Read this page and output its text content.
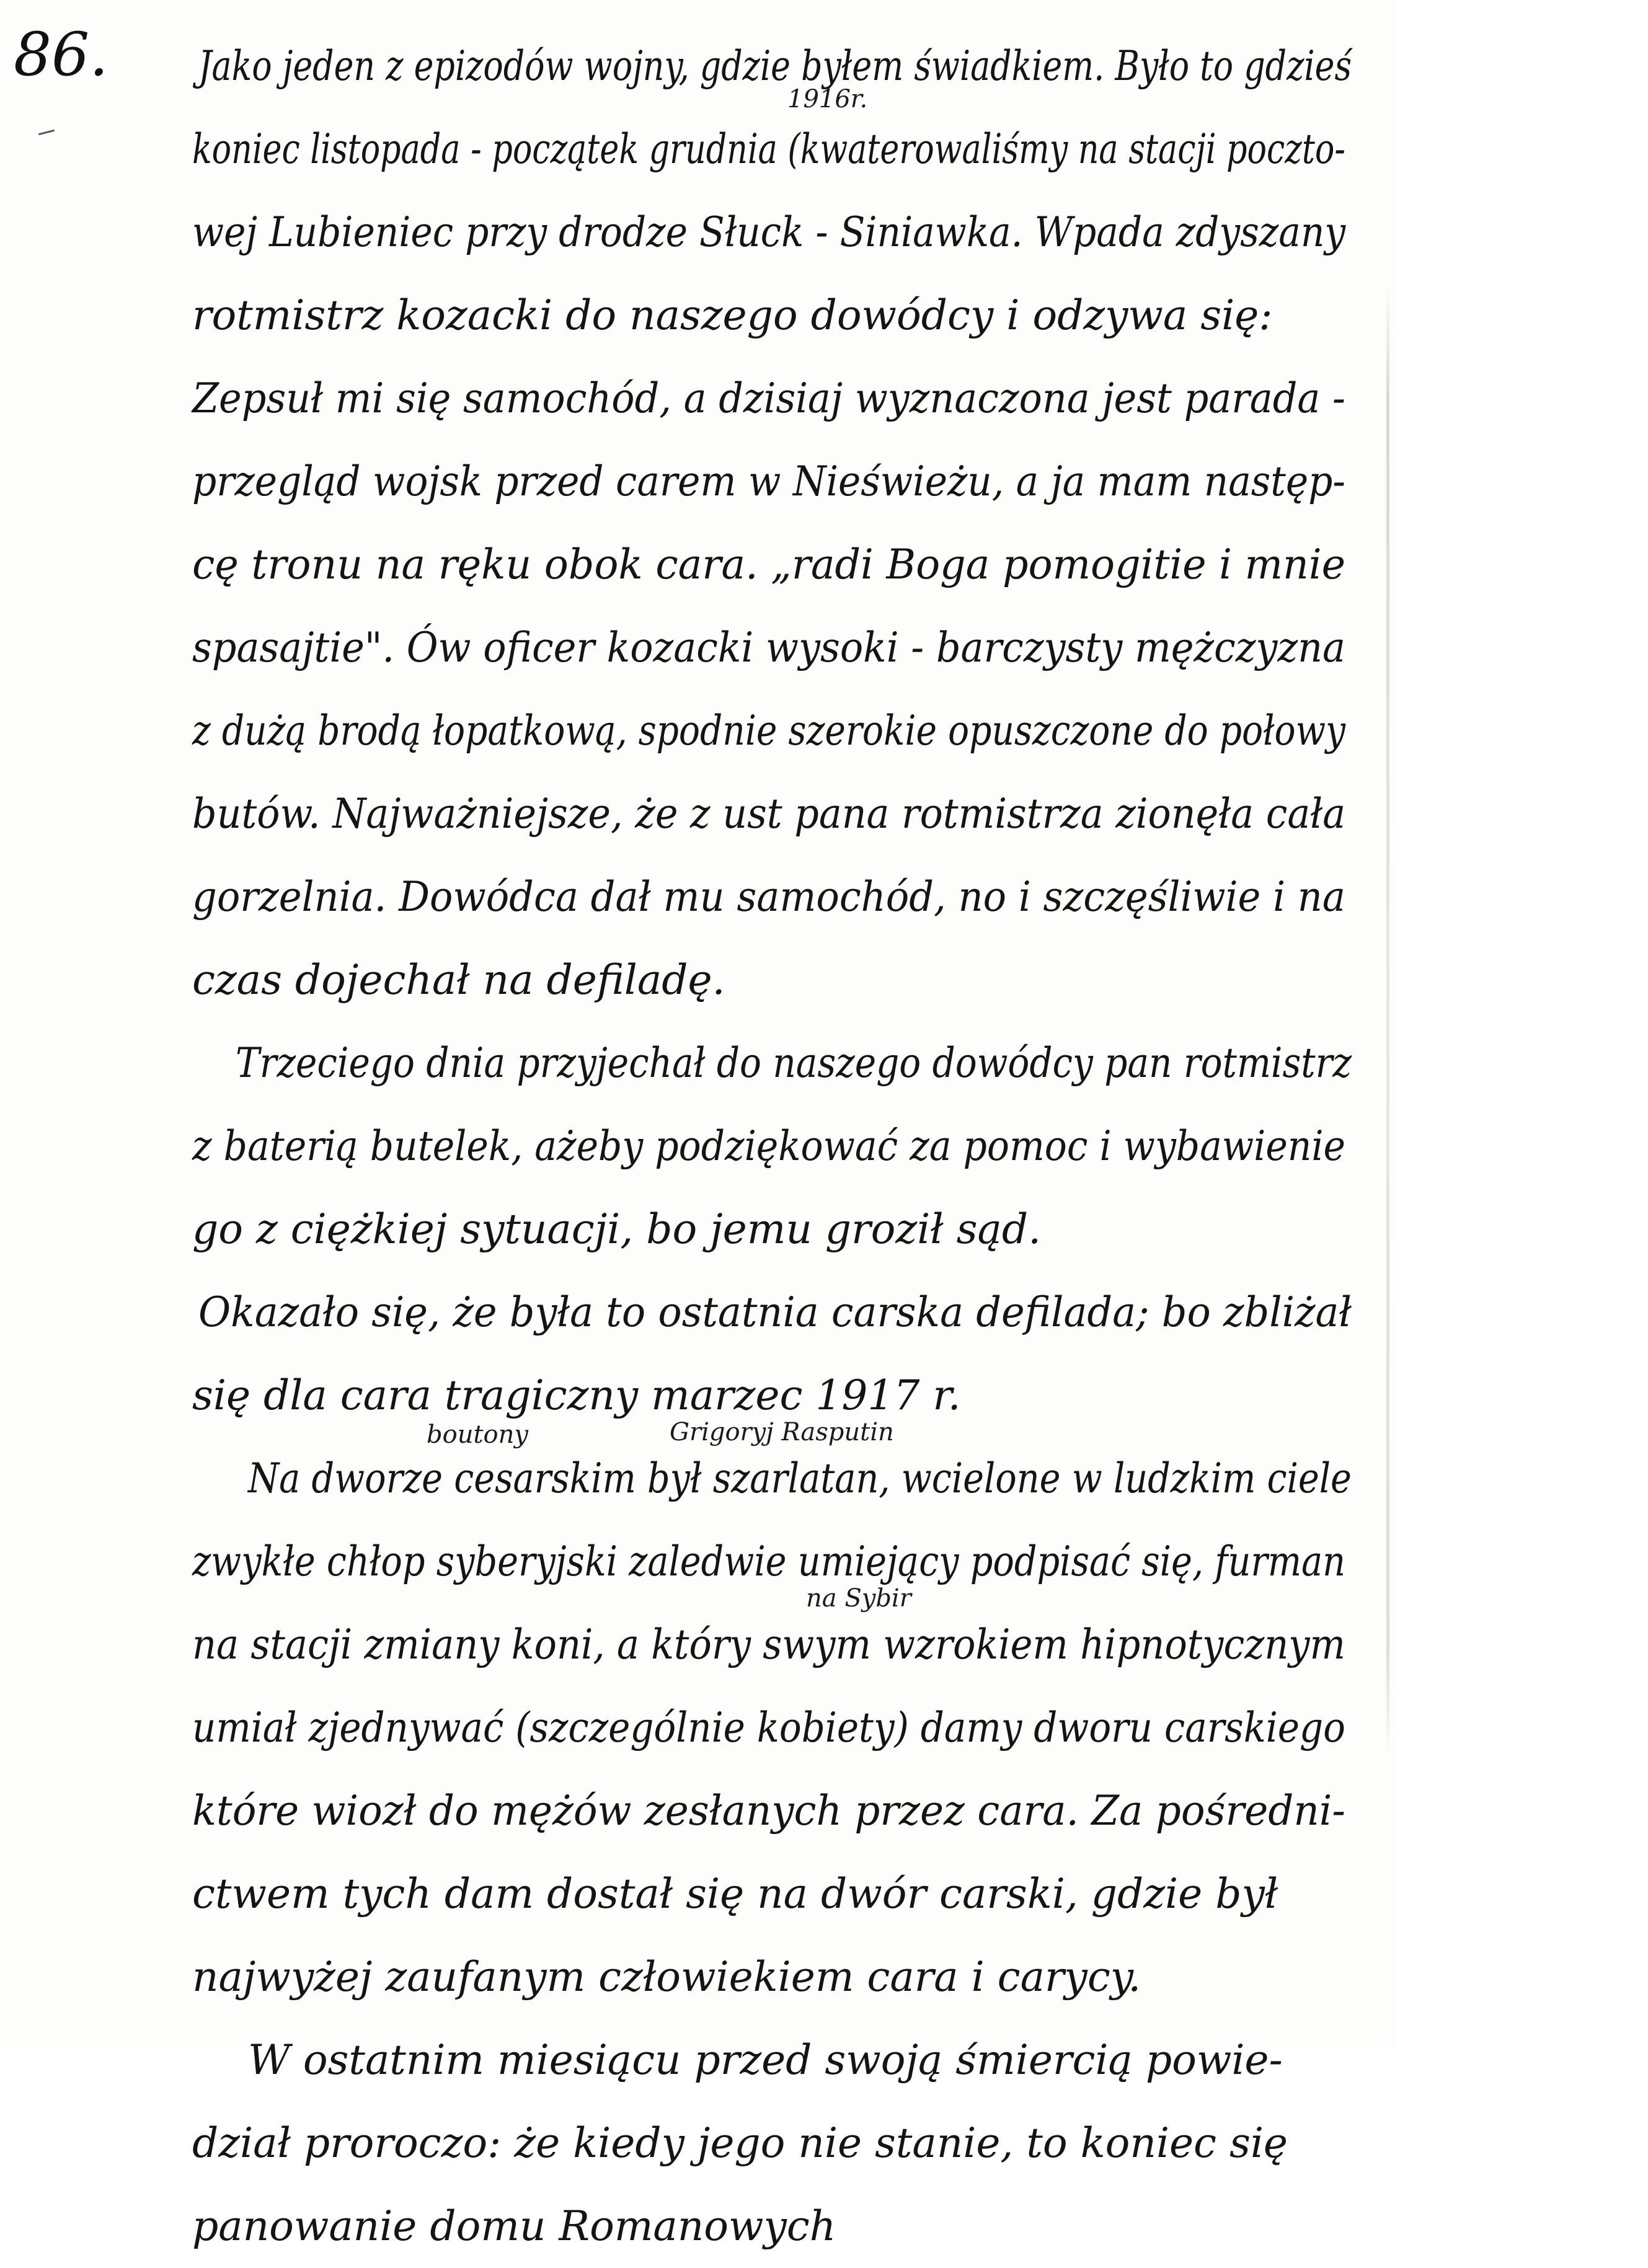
86.
1916r.
boutony	Grigoryj Rasputin
na Sybir
Jako jeden z epizodów wojny, gdzie byłem świadkiem. Było to gdzieś
koniec listopada - początek grudnia (kwaterowaliśmy na stacji poczto-
wej Lubieniec przy drodze Słuck - Siniawka. Wpada zdyszany
rotmistrz kozacki do naszego dowódcy i odzywa się:
Zepsuł mi się samochód, a dzisiaj wyznaczona jest parada -
przegląd wojsk przed carem w Nieświeżu, a ja mam następ-
cę tronu na ręku obok cara. „radi Boga pomogitie i mnie
spasajtie". Ów oficer kozacki wysoki - barczysty mężczyzna
z dużą brodą łopatkową, spodnie szerokie opuszczone do połowy
butów. Najważniejsze, że z ust pana rotmistrza zionęła cała
gorzelnia. Dowódca dał mu samochód, no i szczęśliwie i na
czas dojechał na defiladę.
Trzeciego dnia przyjechał do naszego dowódcy pan rotmistrz
z baterią butelek, ażeby podziękować za pomoc i wybawienie
go z ciężkiej sytuacji, bo jemu groził sąd.
Okazało się, że była to ostatnia carska defilada; bo zbliżał
się dla cara tragiczny marzec 1917 r.
Na dworze cesarskim był szarlatan, wcielone w ludzkim ciele
zwykłe chłop syberyjski zaledwie umiejący podpisać się, furman
na stacji zmiany koni, a który swym wzrokiem hipnotycznym
umiał zjednywać (szczególnie kobiety) damy dworu carskiego
które wiozł do mężów zesłanych przez cara. Za pośredni-
ctwem tych dam dostał się na dwór carski, gdzie był
najwyżej zaufanym człowiekiem cara i carycy.
W ostatnim miesiącu przed swoją śmiercią powie-
dział proroczo: że kiedy jego nie stanie, to koniec się
panowanie domu Romanowych
